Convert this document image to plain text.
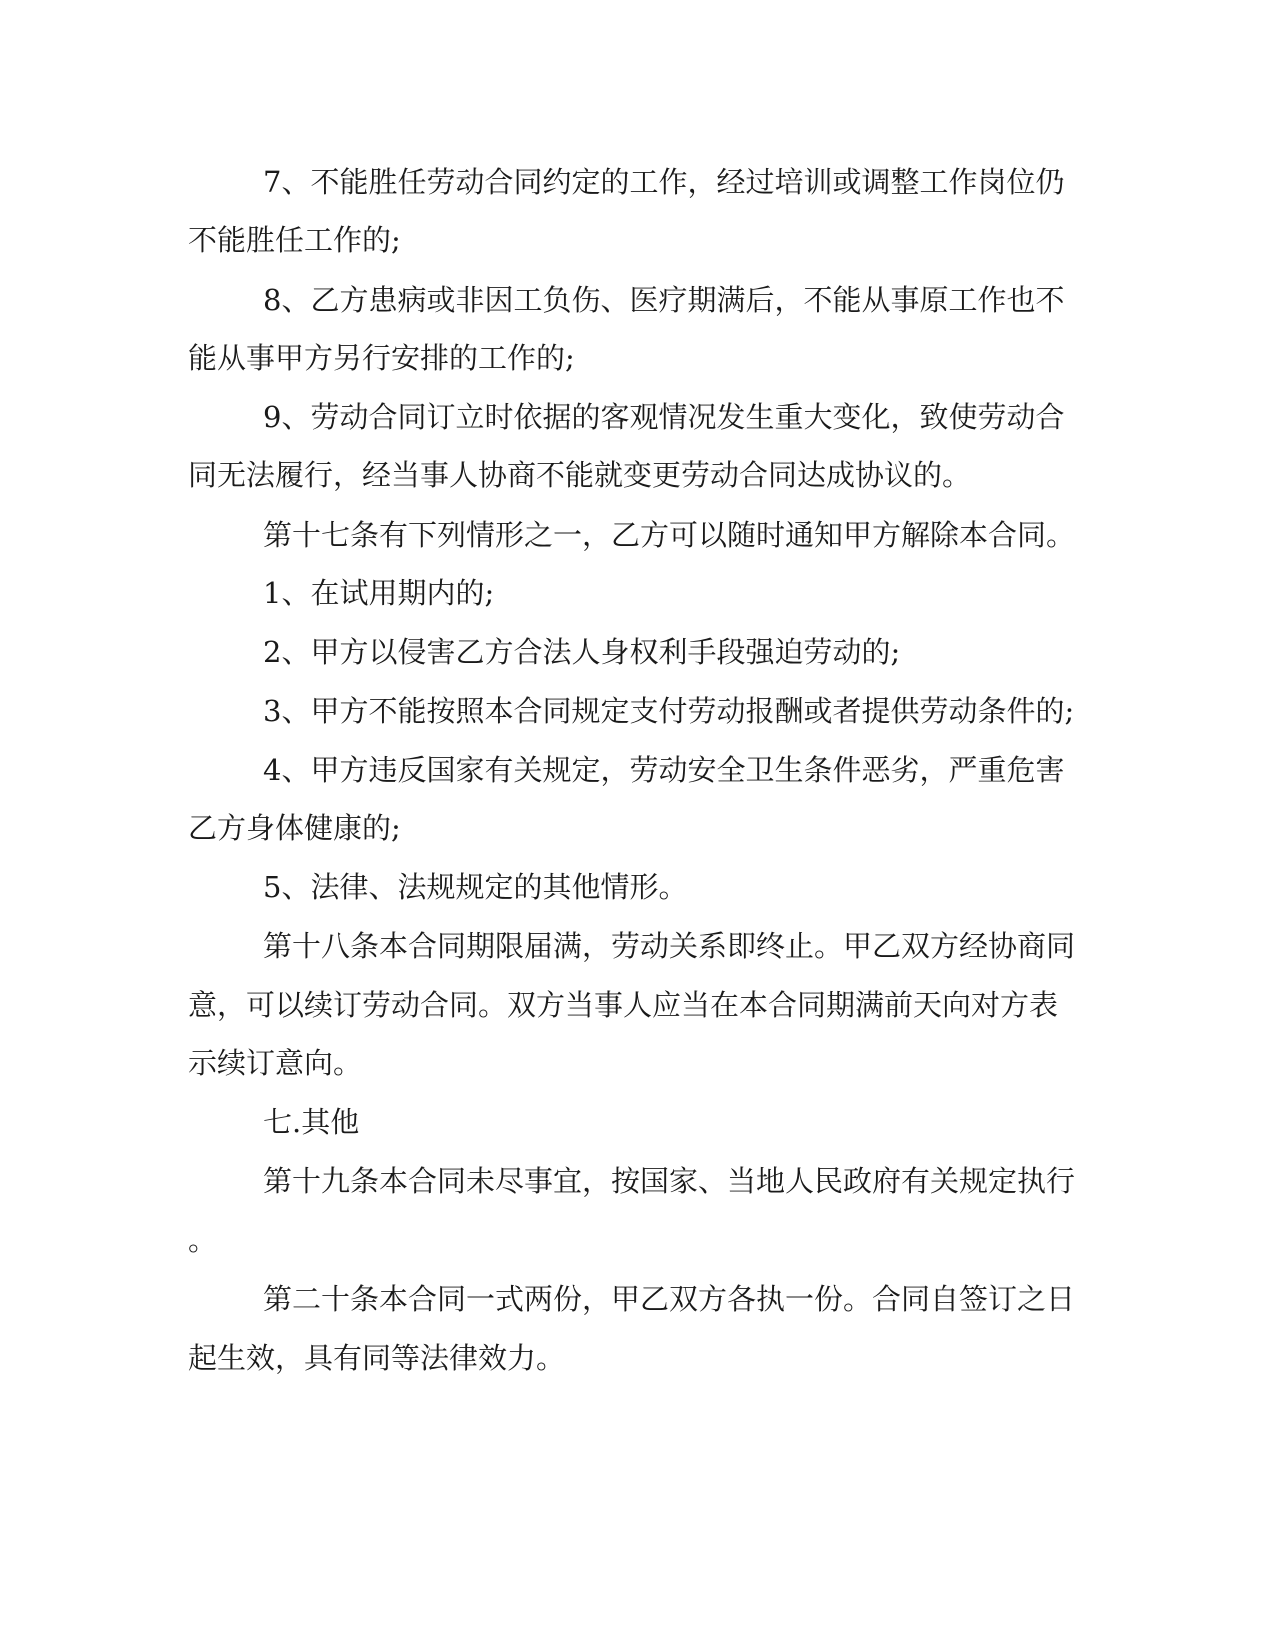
7、不能胜任劳动合同约定的工作，经过培训或调整工作岗位仍

不能胜任工作的;

8、乙方患病或非因工负伤、医疗期满后，不能从事原工作也不

能从事甲方另行安排的工作的;

9、劳动合同订立时依据的客观情况发生重大变化，致使劳动合

同无法履行，经当事人协商不能就变更劳动合同达成协议的。

第十七条有下列情形之一，乙方可以随时通知甲方解除本合同。

1、在试用期内的;

2、甲方以侵害乙方合法人身权利手段强迫劳动的;

3、甲方不能按照本合同规定支付劳动报酬或者提供劳动条件的;

4、甲方违反国家有关规定，劳动安全卫生条件恶劣，严重危害

乙方身体健康的;

5、法律、法规规定的其他情形。

第十八条本合同期限届满，劳动关系即终止。甲乙双方经协商同

意，可以续订劳动合同。双方当事人应当在本合同期满前天向对方表

示续订意向。

七.其他

第十九条本合同未尽事宜，按国家、当地人民政府有关规定执行

。

第二十条本合同一式两份，甲乙双方各执一份。合同自签订之日

起生效，具有同等法律效力。
